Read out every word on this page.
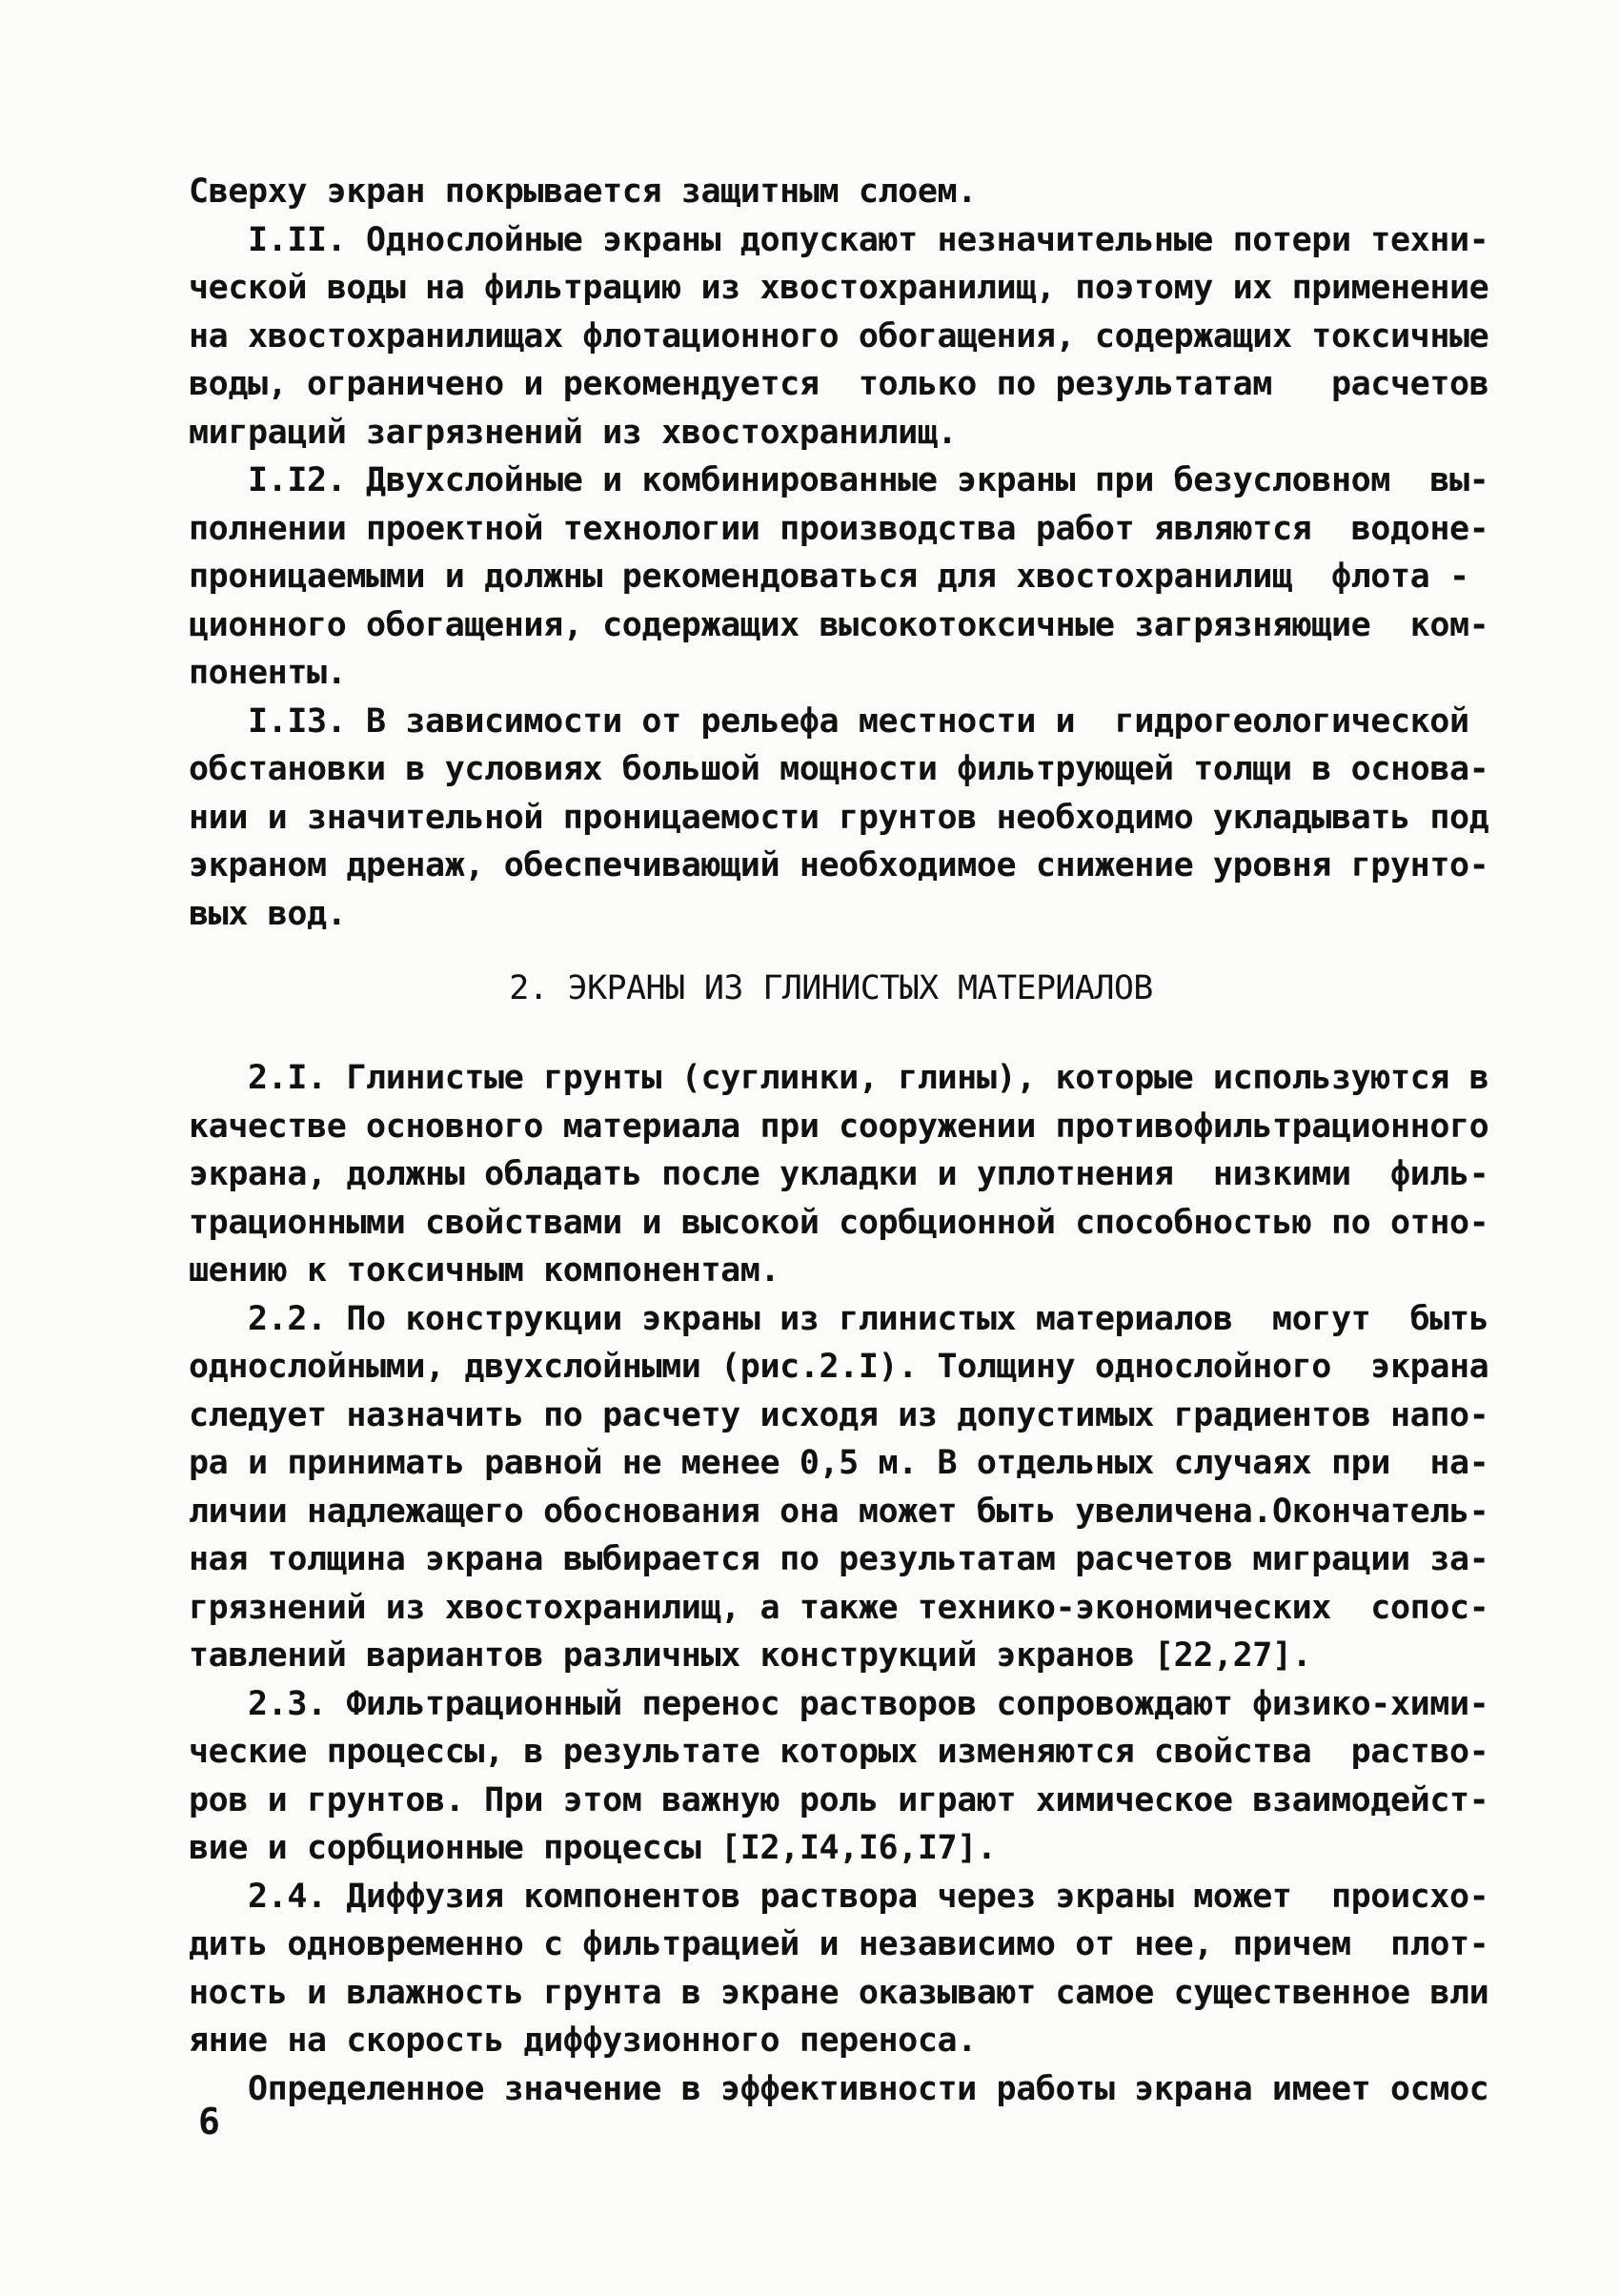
Сверху экран покрывается защитным слоем.
I.II. Однослойные экраны допускают незначительные потери техни-
ческой воды на фильтрацию из хвостохранилищ, поэтому их применение
на хвостохранилищах флотационного обогащения, содержащих токсичные
воды, ограничено и рекомендуется  только по результатам   расчетов
миграций загрязнений из хвостохранилищ.
I.I2. Двухслойные и комбинированные экраны при безусловном  вы-
полнении проектной технологии производства работ являются  водоне-
проницаемыми и должны рекомендоваться для хвостохранилищ  флота -
ционного обогащения, содержащих высокотоксичные загрязняющие  ком-
поненты.
I.I3. В зависимости от рельефа местности и  гидрогеологической
обстановки в условиях большой мощности фильтрующей толщи в основа-
нии и значительной проницаемости грунтов необходимо укладывать под
экраном дренаж, обеспечивающий необходимое снижение уровня грунто-
вых вод.
2. ЭКРАНЫ ИЗ ГЛИНИСТЫХ МАТЕРИАЛОВ
2.I. Глинистые грунты (суглинки, глины), которые используются в
качестве основного материала при сооружении противофильтрационного
экрана, должны обладать после укладки и уплотнения  низкими  филь-
трационными свойствами и высокой сорбционной способностью по отно-
шению к токсичным компонентам.
2.2. По конструкции экраны из глинистых материалов  могут  быть
однослойными, двухслойными (рис.2.I). Толщину однослойного  экрана
следует назначить по расчету исходя из допустимых градиентов напо-
ра и принимать равной не менее 0,5 м. В отдельных случаях при  на-
личии надлежащего обоснования она может быть увеличена.Окончатель-
ная толщина экрана выбирается по результатам расчетов миграции за-
грязнений из хвостохранилищ, а также технико-экономических  сопос-
тавлений вариантов различных конструкций экранов [22,27].
2.3. Фильтрационный перенос растворов сопровождают физико-хими-
ческие процессы, в результате которых изменяются свойства  раство-
ров и грунтов. При этом важную роль играют химическое взаимодейст-
вие и сорбционные процессы [I2,I4,I6,I7].
2.4. Диффузия компонентов раствора через экраны может  происхо-
дить одновременно с фильтрацией и независимо от нее, причем  плот-
ность и влажность грунта в экране оказывают самое существенное вли
яние на скорость диффузионного переноса.
Определенное значение в эффективности работы экрана имеет осмос
6
